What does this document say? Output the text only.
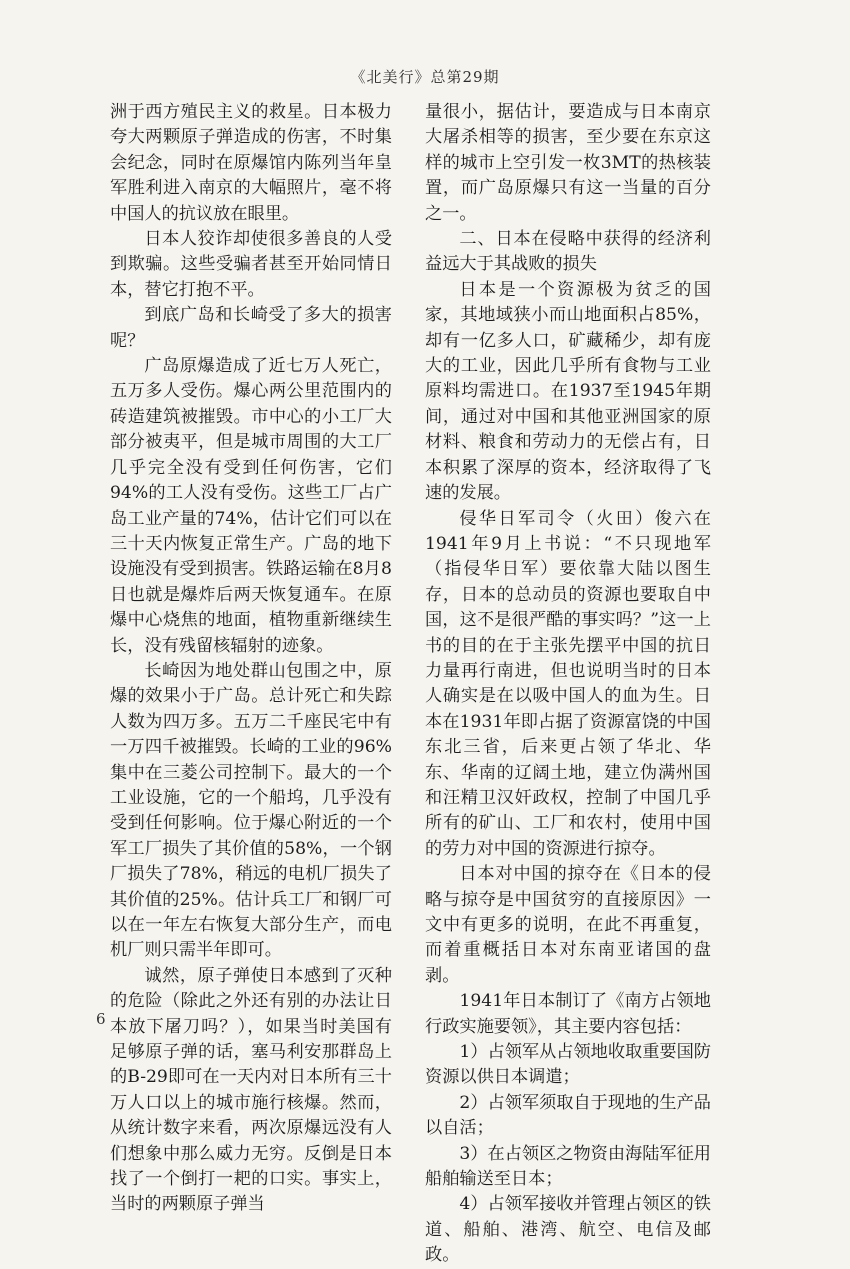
《北美行》总第29期

洲于西方殖民主义的救星。日本极力夸大两颗原子弹造成的伤害，不时集会纪念，同时在原爆馆内陈列当年皇军胜利进入南京的大幅照片，毫不将中国人的抗议放在眼里。

日本人狡诈却使很多善良的人受到欺骗。这些受骗者甚至开始同情日本，替它打抱不平。

到底广岛和长崎受了多大的损害呢？

广岛原爆造成了近七万人死亡，五万多人受伤。爆心两公里范围内的砖造建筑被摧毁。市中心的小工厂大部分被夷平，但是城市周围的大工厂几乎完全没有受到任何伤害，它们94%的工人没有受伤。这些工厂占广岛工业产量的74%，估计它们可以在三十天内恢复正常生产。广岛的地下设施没有受到损害。铁路运输在8月8日也就是爆炸后两天恢复通车。在原爆中心烧焦的地面，植物重新继续生长，没有残留核辐射的迹象。

长崎因为地处群山包围之中，原爆的效果小于广岛。总计死亡和失踪人数为四万多。五万二千座民宅中有一万四千被摧毁。长崎的工业的96%集中在三菱公司控制下。最大的一个工业设施，它的一个船坞，几乎没有受到任何影响。位于爆心附近的一个军工厂损失了其价值的58%，一个钢厂损失了78%，稍远的电机厂损失了其价值的25%。估计兵工厂和钢厂可以在一年左右恢复大部分生产，而电机厂则只需半年即可。

诚然，原子弹使日本感到了灭种的危险（除此之外还有别的办法让日本放下屠刀吗？），如果当时美国有足够原子弹的话，塞马利安那群岛上的B-29即可在一天内对日本所有三十万人口以上的城市施行核爆。然而，从统计数字来看，两次原爆远没有人们想象中那么威力无穷。反倒是日本找了一个倒打一耙的口实。事实上，当时的两颗原子弹当

量很小，据估计，要造成与日本南京大屠杀相等的损害，至少要在东京这样的城市上空引发一枚3MT的热核装置，而广岛原爆只有这一当量的百分之一。

二、日本在侵略中获得的经济利益远大于其战败的损失

日本是一个资源极为贫乏的国家，其地域狭小而山地面积占85%，却有一亿多人口，矿藏稀少，却有庞大的工业，因此几乎所有食物与工业原料均需进口。在1937至1945年期间，通过对中国和其他亚洲国家的原材料、粮食和劳动力的无偿占有，日本积累了深厚的资本，经济取得了飞速的发展。

侵华日军司令（火田）俊六在1941年9月上书说：“不只现地军（指侵华日军）要依靠大陆以图生存，日本的总动员的资源也要取自中国，这不是很严酷的事实吗？”这一上书的目的在于主张先摆平中国的抗日力量再行南进，但也说明当时的日本人确实是在以吸中国人的血为生。日本在1931年即占据了资源富饶的中国东北三省，后来更占领了华北、华东、华南的辽阔土地，建立伪满州国和汪精卫汉奸政权，控制了中国几乎所有的矿山、工厂和农村，使用中国的劳力对中国的资源进行掠夺。

日本对中国的掠夺在《日本的侵略与掠夺是中国贫穷的直接原因》一文中有更多的说明，在此不再重复，而着重概括日本对东南亚诸国的盘剥。

1941年日本制订了《南方占领地行政实施要领》，其主要内容包括：

1）占领军从占领地收取重要国防资源以供日本调遣；

2）占领军须取自于现地的生产品以自活；

3）在占领区之物资由海陆军征用船舶输送至日本；

4）占领军接收并管理占领区的铁道、船舶、港湾、航空、电信及邮政。

6
